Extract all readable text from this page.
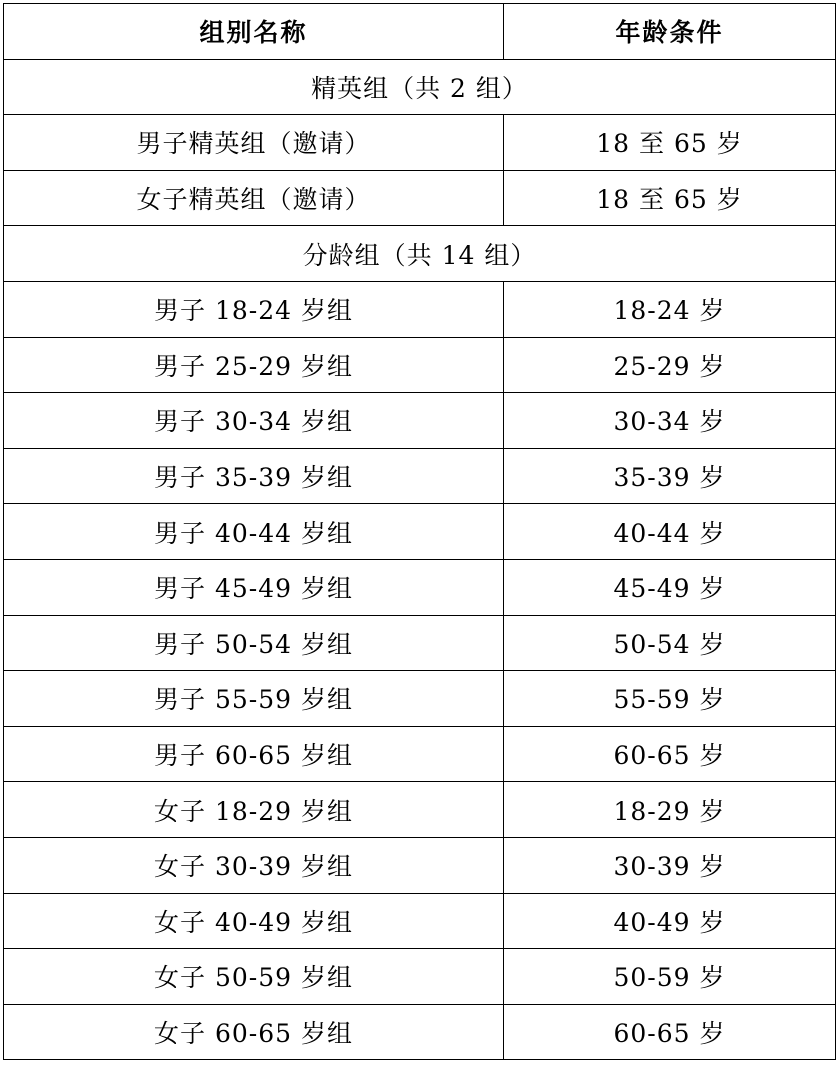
组别名称	年龄条件
精英组（共 2 组）	
男子精英组（邀请）	18 至 65 岁
女子精英组（邀请）	18 至 65 岁
分龄组（共 14 组）	
男子 18-24 岁组	18-24 岁
男子 25-29 岁组	25-29 岁
男子 30-34 岁组	30-34 岁
男子 35-39 岁组	35-39 岁
男子 40-44 岁组	40-44 岁
男子 45-49 岁组	45-49 岁
男子 50-54 岁组	50-54 岁
男子 55-59 岁组	55-59 岁
男子 60-65 岁组	60-65 岁
女子 18-29 岁组	18-29 岁
女子 30-39 岁组	30-39 岁
女子 40-49 岁组	40-49 岁
女子 50-59 岁组	50-59 岁
女子 60-65 岁组	60-65 岁
